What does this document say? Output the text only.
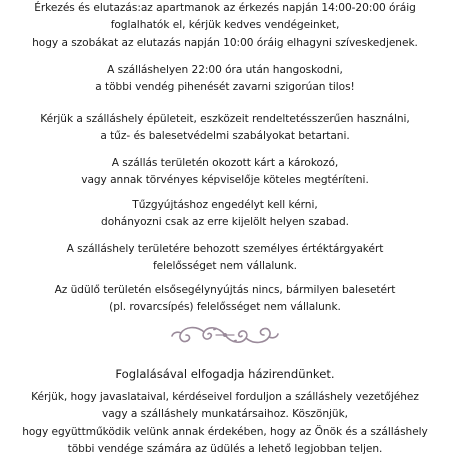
Érkezés és elutazás:az apartmanok az érkezés napján 14:00-20:00 óráig
foglalhatók el, kérjük kedves vendégeinket,
hogy a szobákat az elutazás napján 10:00 óráig elhagyni szíveskedjenek.
A szálláshelyen 22:00 óra után hangoskodni,
a többi vendég pihenését zavarni szigorúan tilos!
Kérjük a szálláshely épületeit, eszközeit rendeltetésszerűen használni,
a tűz- és balesetvédelmi szabályokat betartani.
A szállás területén okozott kárt a károkozó,
vagy annak törvényes képviselője köteles megtéríteni.
Tűzgyújtáshoz engedélyt kell kérni,
dohányozni csak az erre kijelölt helyen szabad.
A szálláshely területére behozott személyes értéktárgyakért
felelősséget nem vállalunk.
Az üdülő területén elsősegélynyújtás nincs, bármilyen balesetért
(pl. rovarcsípés) felelősséget nem vállalunk.
Foglalásával elfogadja házirendünket.
Kérjük, hogy javaslataival, kérdéseivel forduljon a szálláshely vezetőjéhez
vagy a szálláshely munkatársaihoz. Köszönjük,
hogy együttműködik velünk annak érdekében, hogy az Önök és a szálláshely
többi vendége számára az üdülés a lehető legjobban teljen.
